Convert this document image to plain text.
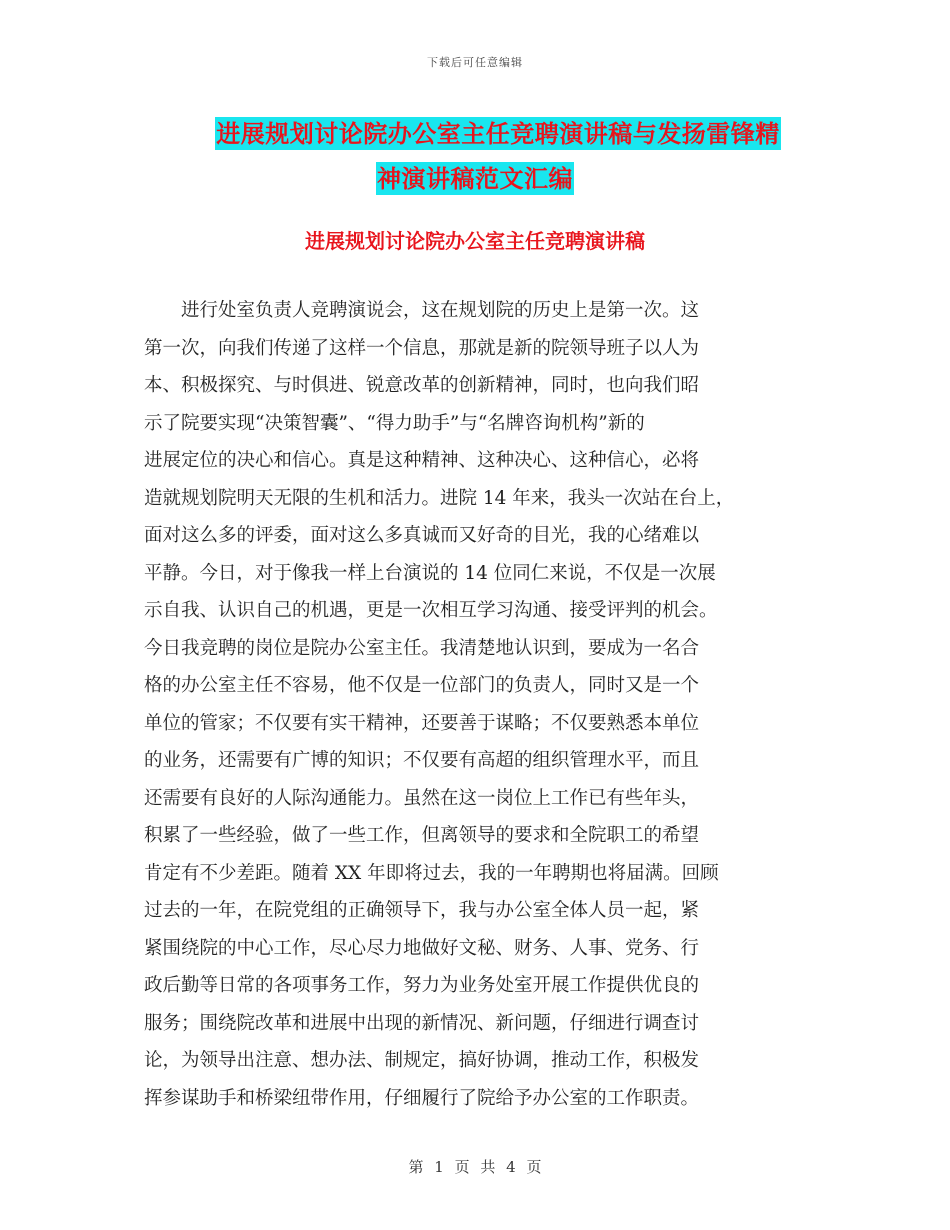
下载后可任意编辑
进展规划讨论院办公室主任竞聘演讲稿与发扬雷锋精
神演讲稿范文汇编
进展规划讨论院办公室主任竞聘演讲稿
　　进行处室负责人竞聘演说会，这在规划院的历史上是第一次。这
第一次，向我们传递了这样一个信息，那就是新的院领导班子以人为
本、积极探究、与时俱进、锐意改革的创新精神，同时，也向我们昭
示了院要实现“决策智囊”、“得力助手”与“名牌咨询机构”新的
进展定位的决心和信心。真是这种精神、这种决心、这种信心，必将
造就规划院明天无限的生机和活力。进院 14 年来，我头一次站在台上，
面对这么多的评委，面对这么多真诚而又好奇的目光，我的心绪难以
平静。今日，对于像我一样上台演说的 14 位同仁来说，不仅是一次展
示自我、认识自己的机遇，更是一次相互学习沟通、接受评判的机会。
今日我竞聘的岗位是院办公室主任。我清楚地认识到，要成为一名合
格的办公室主任不容易，他不仅是一位部门的负责人，同时又是一个
单位的管家；不仅要有实干精神，还要善于谋略；不仅要熟悉本单位
的业务，还需要有广博的知识；不仅要有高超的组织管理水平，而且
还需要有良好的人际沟通能力。虽然在这一岗位上工作已有些年头，
积累了一些经验，做了一些工作，但离领导的要求和全院职工的希望
肯定有不少差距。随着 XX 年即将过去，我的一年聘期也将届满。回顾
过去的一年，在院党组的正确领导下，我与办公室全体人员一起，紧
紧围绕院的中心工作，尽心尽力地做好文秘、财务、人事、党务、行
政后勤等日常的各项事务工作，努力为业务处室开展工作提供优良的
服务；围绕院改革和进展中出现的新情况、新问题，仔细进行调查讨
论，为领导出注意、想办法、制规定，搞好协调，推动工作，积极发
挥参谋助手和桥梁纽带作用，仔细履行了院给予办公室的工作职责。
第 1 页 共 4 页
